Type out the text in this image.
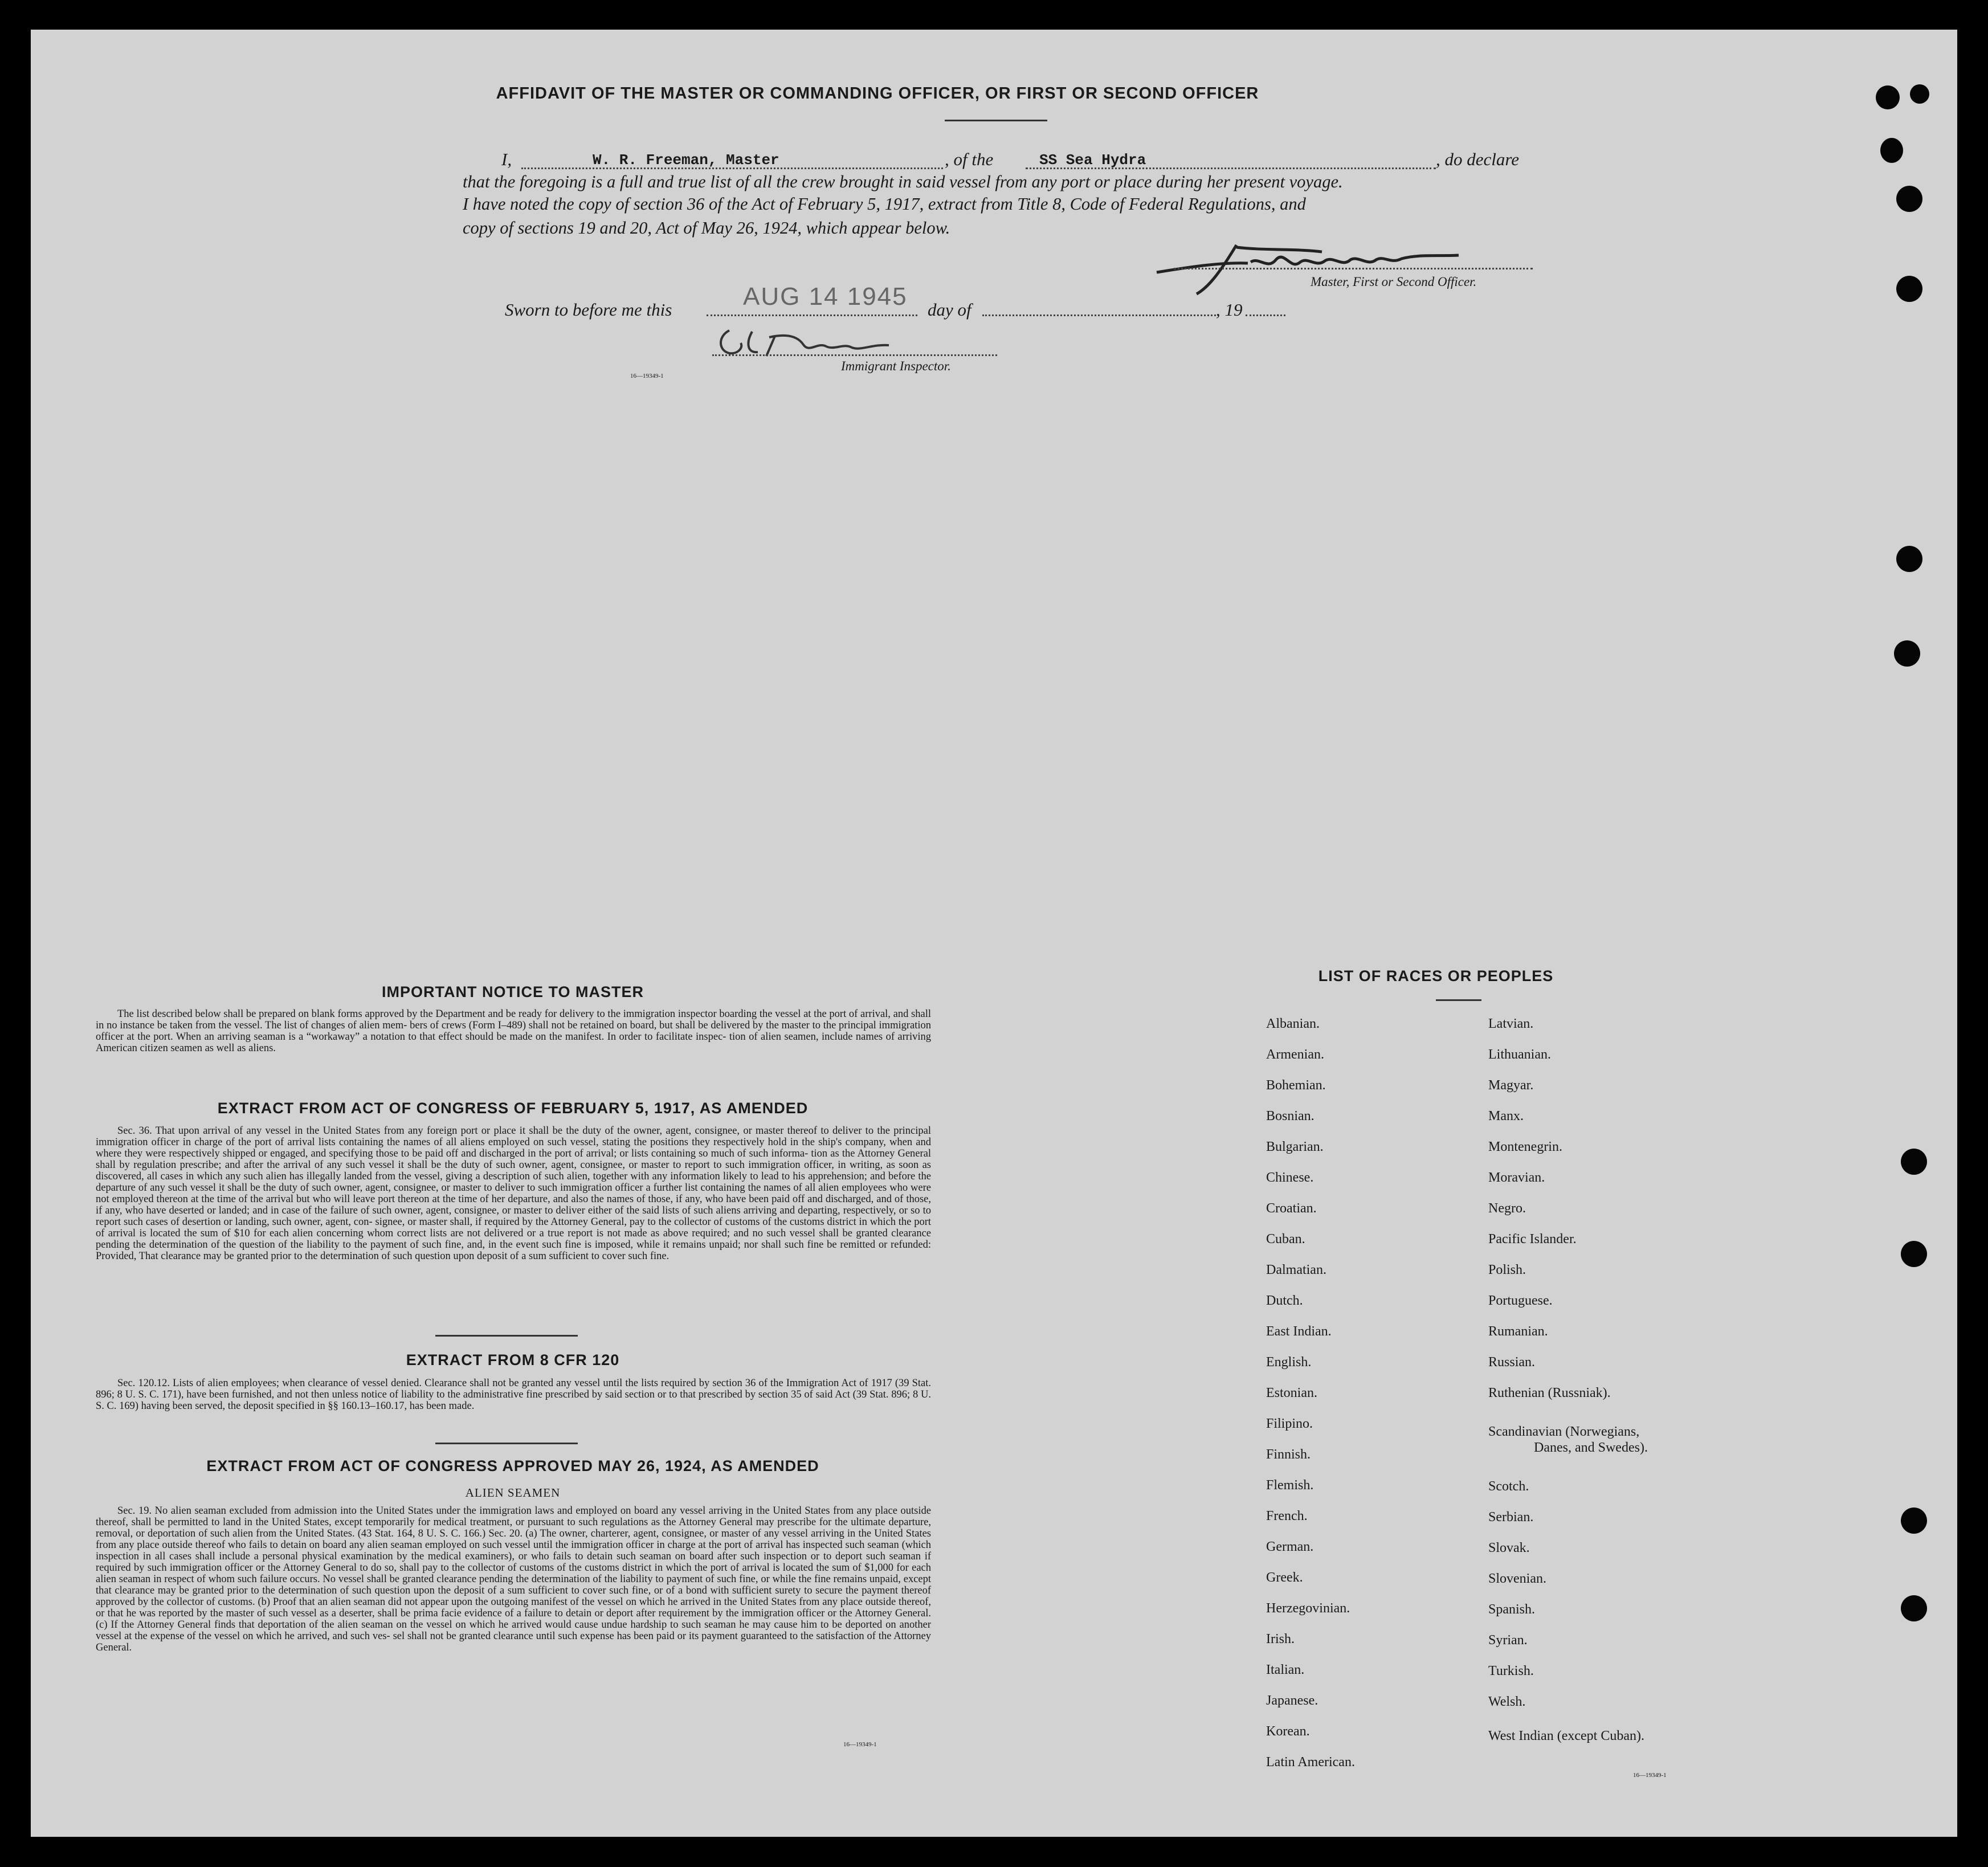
AFFIDAVIT OF THE MASTER OR COMMANDING OFFICER, OR FIRST OR SECOND OFFICER
I,	W. R. Freeman, Master	, of the	SS Sea Hydra	, do declare
that the foregoing is a full and true list of all the crew brought in said vessel from any port or place during her present voyage.
I have noted the copy of section 36 of the Act of February 5, 1917, extract from Title 8, Code of Federal Regulations, and
copy of sections 19 and 20, Act of May 26, 1924, which appear below.
Master, First or Second Officer.
Sworn to before me this	AUG 14 1945 day of	, 19
16—19349-1
Immigrant Inspector.
IMPORTANT NOTICE TO MASTER
The list described below shall be prepared on blank forms approved by the Department and be ready for delivery to the immigration inspector boarding the vessel at the port of arrival, and shall in no instance be taken from the vessel. The list of changes of alien mem- bers of crews (Form I–489) shall not be retained on board, but shall be delivered by the master to the principal immigration officer at the port. When an arriving seaman is a “workaway” a notation to that effect should be made on the manifest. In order to facilitate inspec- tion of alien seamen, include names of arriving American citizen seamen as well as aliens.
EXTRACT FROM ACT OF CONGRESS OF FEBRUARY 5, 1917, AS AMENDED
Sec. 36. That upon arrival of any vessel in the United States from any foreign port or place it shall be the duty of the owner, agent, consignee, or master thereof to deliver to the principal immigration officer in charge of the port of arrival lists containing the names of all aliens employed on such vessel, stating the positions they respectively hold in the ship's company, when and where they were respectively shipped or engaged, and specifying those to be paid off and discharged in the port of arrival; or lists containing so much of such informa- tion as the Attorney General shall by regulation prescribe; and after the arrival of any such vessel it shall be the duty of such owner, agent, consignee, or master to report to such immigration officer, in writing, as soon as discovered, all cases in which any such alien has illegally landed from the vessel, giving a description of such alien, together with any information likely to lead to his apprehension; and before the departure of any such vessel it shall be the duty of such owner, agent, consignee, or master to deliver to such immigration officer a further list containing the names of all alien employees who were not employed thereon at the time of the arrival but who will leave port thereon at the time of her departure, and also the names of those, if any, who have been paid off and discharged, and of those, if any, who have deserted or landed; and in case of the failure of such owner, agent, consignee, or master to deliver either of the said lists of such aliens arriving and departing, respectively, or so to report such cases of desertion or landing, such owner, agent, con- signee, or master shall, if required by the Attorney General, pay to the collector of customs of the customs district in which the port of arrival is located the sum of $10 for each alien concerning whom correct lists are not delivered or a true report is not made as above required; and no such vessel shall be granted clearance pending the determination of the question of the liability to the payment of such fine, and, in the event such fine is imposed, while it remains unpaid; nor shall such fine be remitted or refunded: Provided, That clearance may be granted prior to the determination of such question upon deposit of a sum sufficient to cover such fine.
EXTRACT FROM 8 CFR 120
Sec. 120.12. Lists of alien employees; when clearance of vessel denied. Clearance shall not be granted any vessel until the lists required by section 36 of the Immigration Act of 1917 (39 Stat. 896; 8 U. S. C. 171), have been furnished, and not then unless notice of liability to the administrative fine prescribed by said section or to that prescribed by section 35 of said Act (39 Stat. 896; 8 U. S. C. 169) having been served, the deposit specified in §§ 160.13–160.17, has been made.
EXTRACT FROM ACT OF CONGRESS APPROVED MAY 26, 1924, AS AMENDED
ALIEN SEAMEN
Sec. 19. No alien seaman excluded from admission into the United States under the immigration laws and employed on board any vessel arriving in the United States from any place outside thereof, shall be permitted to land in the United States, except temporarily for medical treatment, or pursuant to such regulations as the Attorney General may prescribe for the ultimate departure, removal, or deportation of such alien from the United States. (43 Stat. 164, 8 U. S. C. 166.) Sec. 20. (a) The owner, charterer, agent, consignee, or master of any vessel arriving in the United States from any place outside thereof who fails to detain on board any alien seaman employed on such vessel until the immigration officer in charge at the port of arrival has inspected such seaman (which inspection in all cases shall include a personal physical examination by the medical examiners), or who fails to detain such seaman on board after such inspection or to deport such seaman if required by such immigration officer or the Attorney General to do so, shall pay to the collector of customs of the customs district in which the port of arrival is located the sum of $1,000 for each alien seaman in respect of whom such failure occurs. No vessel shall be granted clearance pending the determination of the liability to payment of such fine, or while the fine remains unpaid, except that clearance may be granted prior to the determination of such question upon the deposit of a sum sufficient to cover such fine, or of a bond with sufficient surety to secure the payment thereof approved by the collector of customs. (b) Proof that an alien seaman did not appear upon the outgoing manifest of the vessel on which he arrived in the United States from any place outside thereof, or that he was reported by the master of such vessel as a deserter, shall be prima facie evidence of a failure to detain or deport after requirement by the immigration officer or the Attorney General. (c) If the Attorney General finds that deportation of the alien seaman on the vessel on which he arrived would cause undue hardship to such seaman he may cause him to be deported on another vessel at the expense of the vessel on which he arrived, and such ves- sel shall not be granted clearance until such expense has been paid or its payment guaranteed to the satisfaction of the Attorney General.
16—19349-1
LIST OF RACES OR PEOPLES
Albanian.
Armenian.
Bohemian.
Bosnian.
Bulgarian.
Chinese.
Croatian.
Cuban.
Dalmatian.
Dutch.
East Indian.
English.
Estonian.
Filipino.
Finnish.
Flemish.
French.
German.
Greek.
Herzegovinian.
Irish.
Italian.
Japanese.
Korean.
Latin American.
Latvian.
Lithuanian.
Magyar.
Manx.
Montenegrin.
Moravian.
Negro.
Pacific Islander.
Polish.
Portuguese.
Rumanian.
Russian.
Ruthenian (Russniak).
Scandinavian (Norwegians,
Danes, and Swedes).
Scotch.
Serbian.
Slovak.
Slovenian.
Spanish.
Syrian.
Turkish.
Welsh.
West Indian (except Cuban).
16—19349-1
